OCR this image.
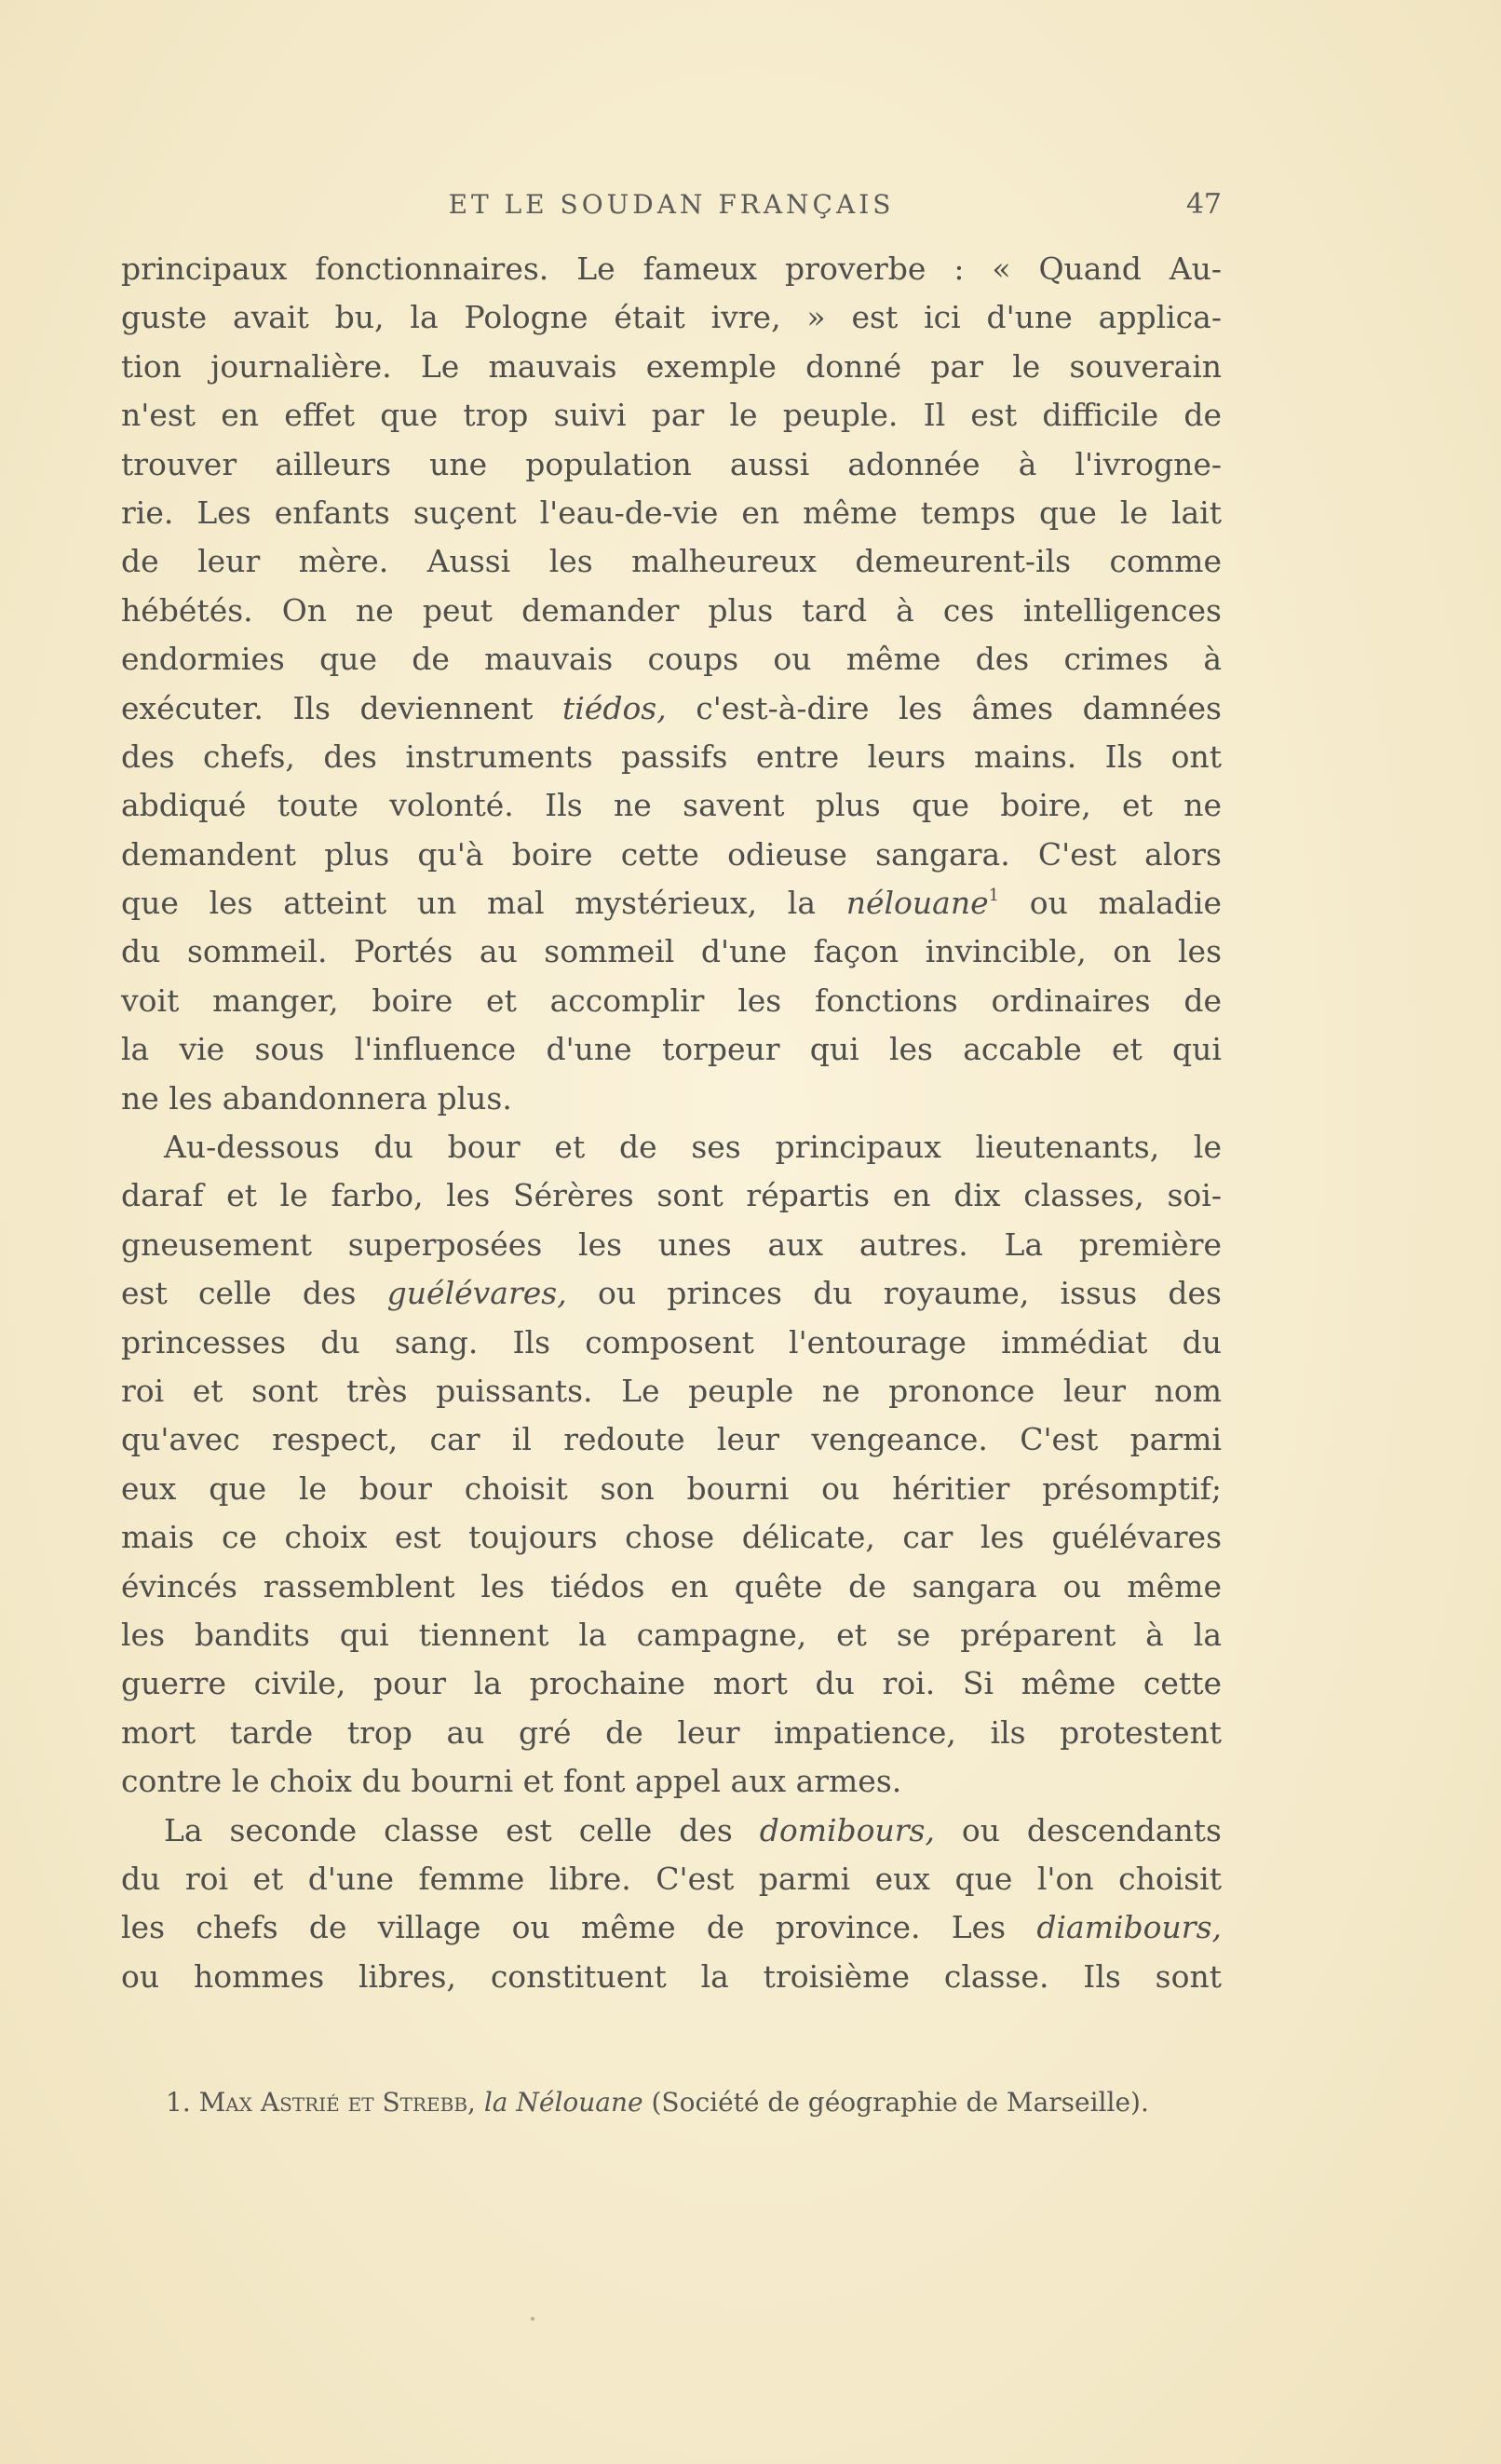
ET LE SOUDAN FRANÇAIS	47
principaux fonctionnaires. Le fameux proverbe : « Quand Au-
guste avait bu, la Pologne était ivre, » est ici d'une applica-
tion journalière. Le mauvais exemple donné par le souverain
n'est en effet que trop suivi par le peuple. Il est difficile de
trouver ailleurs une population aussi adonnée à l'ivrogne-
rie. Les enfants suçent l'eau-de-vie en même temps que le lait
de leur mère. Aussi les malheureux demeurent-ils comme
hébétés. On ne peut demander plus tard à ces intelligences
endormies que de mauvais coups ou même des crimes à
exécuter. Ils deviennent tiédos, c'est-à-dire les âmes damnées
des chefs, des instruments passifs entre leurs mains. Ils ont
abdiqué toute volonté. Ils ne savent plus que boire, et ne
demandent plus qu'à boire cette odieuse sangara. C'est alors
que les atteint un mal mystérieux, la nélouane$^1$ ou maladie
du sommeil. Portés au sommeil d'une façon invincible, on les
voit manger, boire et accomplir les fonctions ordinaires de
la vie sous l'influence d'une torpeur qui les accable et qui
ne les abandonnera plus.
Au-dessous du bour et de ses principaux lieutenants, le
daraf et le farbo, les Sérères sont répartis en dix classes, soi-
gneusement superposées les unes aux autres. La première
est celle des guélévares, ou princes du royaume, issus des
princesses du sang. Ils composent l'entourage immédiat du
roi et sont très puissants. Le peuple ne prononce leur nom
qu'avec respect, car il redoute leur vengeance. C'est parmi
eux que le bour choisit son bourni ou héritier présomptif;
mais ce choix est toujours chose délicate, car les guélévares
évincés rassemblent les tiédos en quête de sangara ou même
les bandits qui tiennent la campagne, et se préparent à la
guerre civile, pour la prochaine mort du roi. Si même cette
mort tarde trop au gré de leur impatience, ils protestent
contre le choix du bourni et font appel aux armes.
La seconde classe est celle des domibours, ou descendants
du roi et d'une femme libre. C'est parmi eux que l'on choisit
les chefs de village ou même de province. Les diamibours,
ou hommes libres, constituent la troisième classe. Ils sont
1. Max Astrié et Strebb, la Nélouane (Société de géographie de Marseille).
